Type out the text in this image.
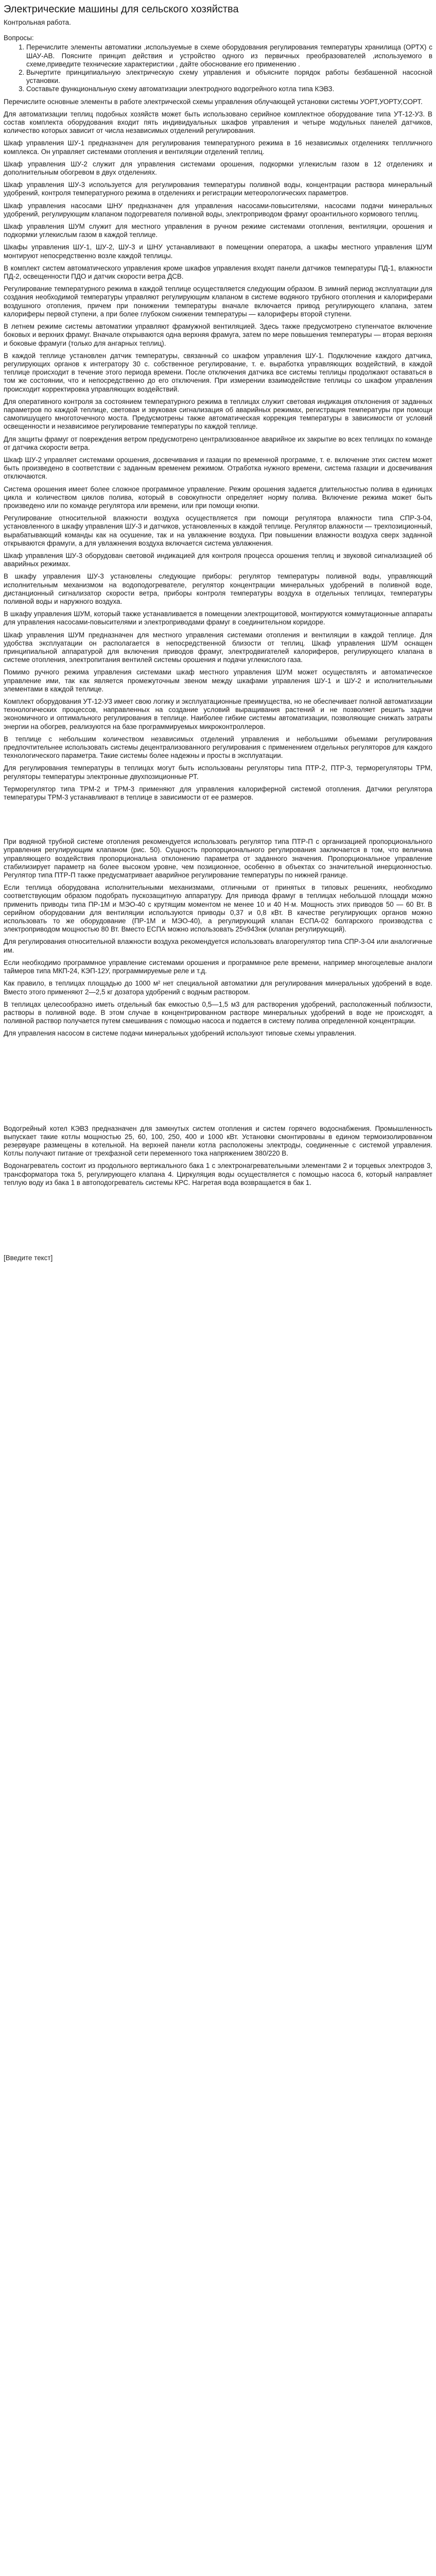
Электрические машины для сельского хозяйства
Контрольная работа.
Вопросы:
1. Перечислите элементы автоматики ,используемые в схеме оборудования регулирования температуры хранилища (ОРТХ) с ШАУ-АВ. Поясните принцип действия и устройство одного из первичных преобразователей ,используемого в схеме,приведите технические характеристики , дайте обоснование его применению .
2. Вычертите принципиальную электрическую схему управления и объясните порядок работы безбашенной насосной установки.
3. Составьте функциональную схему автоматизации электродного водогрейного котла типа КЭВЗ.

Перечислите основные элементы в работе электрической схемы управления облучающей установки системы УОРТ,УОРТУ,СОРТ.

Для автоматизации теплиц подобных хозяйств может быть использовано серийное комплектное оборудование типа УТ-12-У3. В состав комплекта оборудования входит пять индивидуальных шкафов управления и четыре модульных панелей датчиков, количество которых зависит от числа независимых отделений регулирования.

Шкаф управления ШУ-1 предназначен для регулирования температурного режима в 16 независимых отделениях теплличного комплекса. Он управляет системами отопления и вентиляции отделений теплиц.

Шкаф управления ШУ-2 служит для управления системами орошения, подкормки углекислым газом в 12 отделениях и дополнительным обогревом в двух отделениях.

Шкаф управления ШУ-3 используется для регулирования температуры поливной воды, концентрации раствора минеральный удобрений, контроля температурного режима в отделениях и регистрации метеорологических параметров.

Шкаф управления насосами ШНУ предназначен для управления насосами-повысителями, насосами подачи минеральных удобрений, регулирующим клапаном подогревателя поливной воды, электроприводом фрамуг ороантильного кормового теплиц.

Шкаф управления ШУМ служит для местного управления в ручном режиме системами отопления, вентиляции, орошения и подкормки углекислым газом в каждой теплице.

Шкафы управления ШУ-1, ШУ-2, ШУ-3 и ШНУ устанавливают в помещении оператора, а шкафы местного управления ШУМ монтируют непосредственно возле каждой теплицы.

В комплект систем автоматического управления кроме шкафов управления входят панели датчиков температуры ПД-1, влажности ПД-2, освещенности ПДО и датчик скорости ветра ДСВ.

Регулирование температурного режима в каждой теплице осуществляется следующим образом. В зимний период эксплуатации для создания необходимой температуры управляют регулирующим клапаном в системе водяного трубного отопления и калориферами воздушного отопления, причем при понижении температуры вначале включается привод регулирующего клапана, затем калориферы первой ступени, а при более глубоком снижении температуры — калориферы второй ступени.

В летнем режиме системы автоматики управляют фрамужной вентиляцией. Здесь также предусмотрено ступенчатое включение боковых и верхних фрамуг. Вначале открываются одна верхняя фрамуга, затем по мере повышения температуры — вторая верхняя и боковые фрамуги (только для ангарных теплиц).

В каждой теплице установлен датчик температуры, связанный со шкафом управления ШУ-1. Подключение каждого датчика, регулирующих органов к интегратору 30 с. собственное регулирование, т. е. выработка управляющих воздействий, в каждой теплице происходит в течение этого периода времени. После отключения датчика все системы теплицы продолжают оставаться в том же состоянии, что и непосредственно до его отключения. При измерении взаимодействие теплицы со шкафом управления происходит корректировка управляющих воздействий.

Для оперативного контроля за состоянием температурного режима в теплицах служит световая индикация отклонения от заданных параметров по каждой теплице, световая и звуковая сигнализация об аварийных режимах, регистрация температуры при помощи самопишущего многоточечного моста. Предусмотрены также автоматическая коррекция температуры в зависимости от условий освещенности и независимое регулирование температуры по каждой теплице.

Для защиты фрамуг от повреждения ветром предусмотрено централизованное аварийное их закрытие во всех теплицах по команде от датчика скорости ветра.

Шкаф ШУ-2 управляет системами орошения, досвечивания и газации по временной программе, т. е. включение этих систем может быть произведено в соответствии с заданным временем режимом. Отработка нужного времени, система газации и досвечивания отключаются.

Система орошения имеет более сложное программное управление. Режим орошения задается длительностью полива в единицах цикла и количеством циклов полива, который в совокупности определяет норму полива. Включение режима может быть произведено или по команде регулятора или времени, или при помощи кнопки.

Регулирование относительной влажности воздуха осуществляется при помощи регулятора влажности типа СПР-3-04, установленного в шкафу управления ШУ-3 и датчиков, установленных в каждой теплице. Регулятор влажности — трехпозиционный, вырабатывающий команды как на осушение, так и на увлажнение воздуха. При повышении влажности воздуха сверх заданной открываются фрамуги, а для увлажнения воздуха включается система увлажнения.

Шкаф управления ШУ-3 оборудован световой индикацией для контроля процесса орошения теплиц и звуковой сигнализацией об аварийных режимах.

В шкафу управления ШУ-3 установлены следующие приборы: регулятор температуры поливной воды, управляющий исполнительным механизмом на водоподогревателе, регулятор концентрации минеральных удобрений в поливной воде, дистанционный сигнализатор скорости ветра, приборы контроля температуры воздуха в отдельных теплицах, температуры поливной воды и наружного воздуха.

В шкафу управления ШУМ, который также устанавливается в помещении электрощитовой, монтируются коммутационные аппараты для управления насосами-повысителями и электроприводами фрамуг в соединительном коридоре.

Шкаф управления ШУМ предназначен для местного управления системами отопления и вентиляции в каждой теплице. Для удобства эксплуатации он располагается в непосредственной близости от теплиц. Шкаф управления ШУМ оснащен принципиальной аппаратурой для включения приводов фрамуг, электродвигателей калориферов, регулирующего клапана в системе отопления, электропитания вентилей системы орошения и подачи углекислого газа.

Помимо ручного режима управления системами шкаф местного управления ШУМ может осуществлять и автоматическое управление ими, так как является промежуточным звеном между шкафами управления ШУ-1 и ШУ-2 и исполнительными элементами в каждой теплице.

Комплект оборудования УТ-12-У3 имеет свою логику и эксплуатационные преимущества, но не обеспечивает полной автоматизации технологических процессов, направленных на создание условий выращивания растений и не позволяет решить задачи экономичного и оптимального регулирования в теплице. Наиболее гибкие системы автоматизации, позволяющие снижать затраты энергии на обогрев, реализуются на базе программируемых микроконтроллеров.

В теплице с небольшим количеством независимых отделений управления и небольшими объемами регулирования предпочтительнее использовать системы децентрализованного регулирования с применением отдельных регуляторов для каждого технологического параметра. Такие системы более надежны и просты в эксплуатации.

Для регулирования температуры в теплицах могут быть использованы регуляторы типа ПТР-2, ПТР-3, терморегуляторы ТРМ, регуляторы температуры электронные двухпозиционные РТ.

Терморегулятор типа ТРМ-2 и ТРМ-3 применяют для управления калориферной системой отопления. Датчики регулятора температуры ТРМ-3 устанавливают в теплице в зависимости от ее размеров.

При водяной трубной системе отопления рекомендуется использовать регулятор типа ПТР-П с организацией пропорционального управления регулирующим клапаном (рис. 50). Сущность пропорционального регулирования заключается в том, что величина управляющего воздействия пропорциональна отклонению параметра от заданного значения. Пропорциональное управление стабилизирует параметр на более высоком уровне, чем позиционное, особенно в объектах со значительной инерционностью. Регулятор типа ПТР-П также предусматривает аварийное регулирование температуры по нижней границе.

Если теплица оборудована исполнительными механизмами, отличными от принятых в типовых решениях, необходимо соответствующим образом подобрать пускозащитную аппаратуру. Для привода фрамуг в теплицах небольшой площади можно применить приводы типа ПР-1М и МЭО-40 с крутящим моментом не менее 10 и 40 Н·м. Мощность этих приводов 50 — 60 Вт. В серийном оборудовании для вентиляции используются приводы 0,37 и 0,8 кВт. В качестве регулирующих органов можно использовать то же оборудование (ПР-1М и МЭО-40), а регулирующий клапан ЕСПА-02 болгарского производства с электроприводом мощностью 80 Вт. Вместо ЕСПА можно использовать 25ч943нж (клапан регулирующий).

Для регулирования относительной влажности воздуха рекомендуется использовать влагорегулятор типа СПР-3-04 или аналогичные им.

Если необходимо программное управление системами орошения и программное реле времени, например многоцелевые аналоги таймеров типа МКП-24, КЭП-12У, программируемые реле и т.д.

Как правило, в теплицах площадью до 1000 м² нет специальной автоматики для регулирования минеральных удобрений в воде. Вместо этого применяют 2—2,5 кг дозатора удобрений с водным раствором.

В теплицах целесообразно иметь отдельный бак емкостью 0,5—1,5 м3 для растворения удобрений, расположенный поблизости, растворы в поливной воде. В этом случае в концентрированном растворе минеральных удобрений в воде не происходят, а поливной раствор получается путем смешивания с помощью насоса и подается в систему полива определенной концентрации.

Для управления насосом в системе подачи минеральных удобрений используют типовые схемы управления.

Водогрейный котел КЭВЗ предназначен для замкнутых систем отопления и систем горячего водоснабжения. Промышленность выпускает такие котлы мощностью 25, 60, 100, 250, 400 и 1000 кВт. Установки смонтированы в едином термоизолированном резервуаре размещены в котельной. На верхней панели котла расположены электроды, соединенные с системой управления. Котлы получают питание от трехфазной сети переменного тока напряжением 380/220 В.

Водонагреватель состоит из продольного вертикального бака 1 с электронагревательными элементами 2 и торцевых электродов 3, трансформатора тока 5, регулирующего клапана 4. Циркуляция воды осуществляется с помощью насоса 6, который направляет теплую воду из бака 1 в автоподогреватель системы КРС. Нагретая вода возвращается в бак 1.

[Введите текст]
